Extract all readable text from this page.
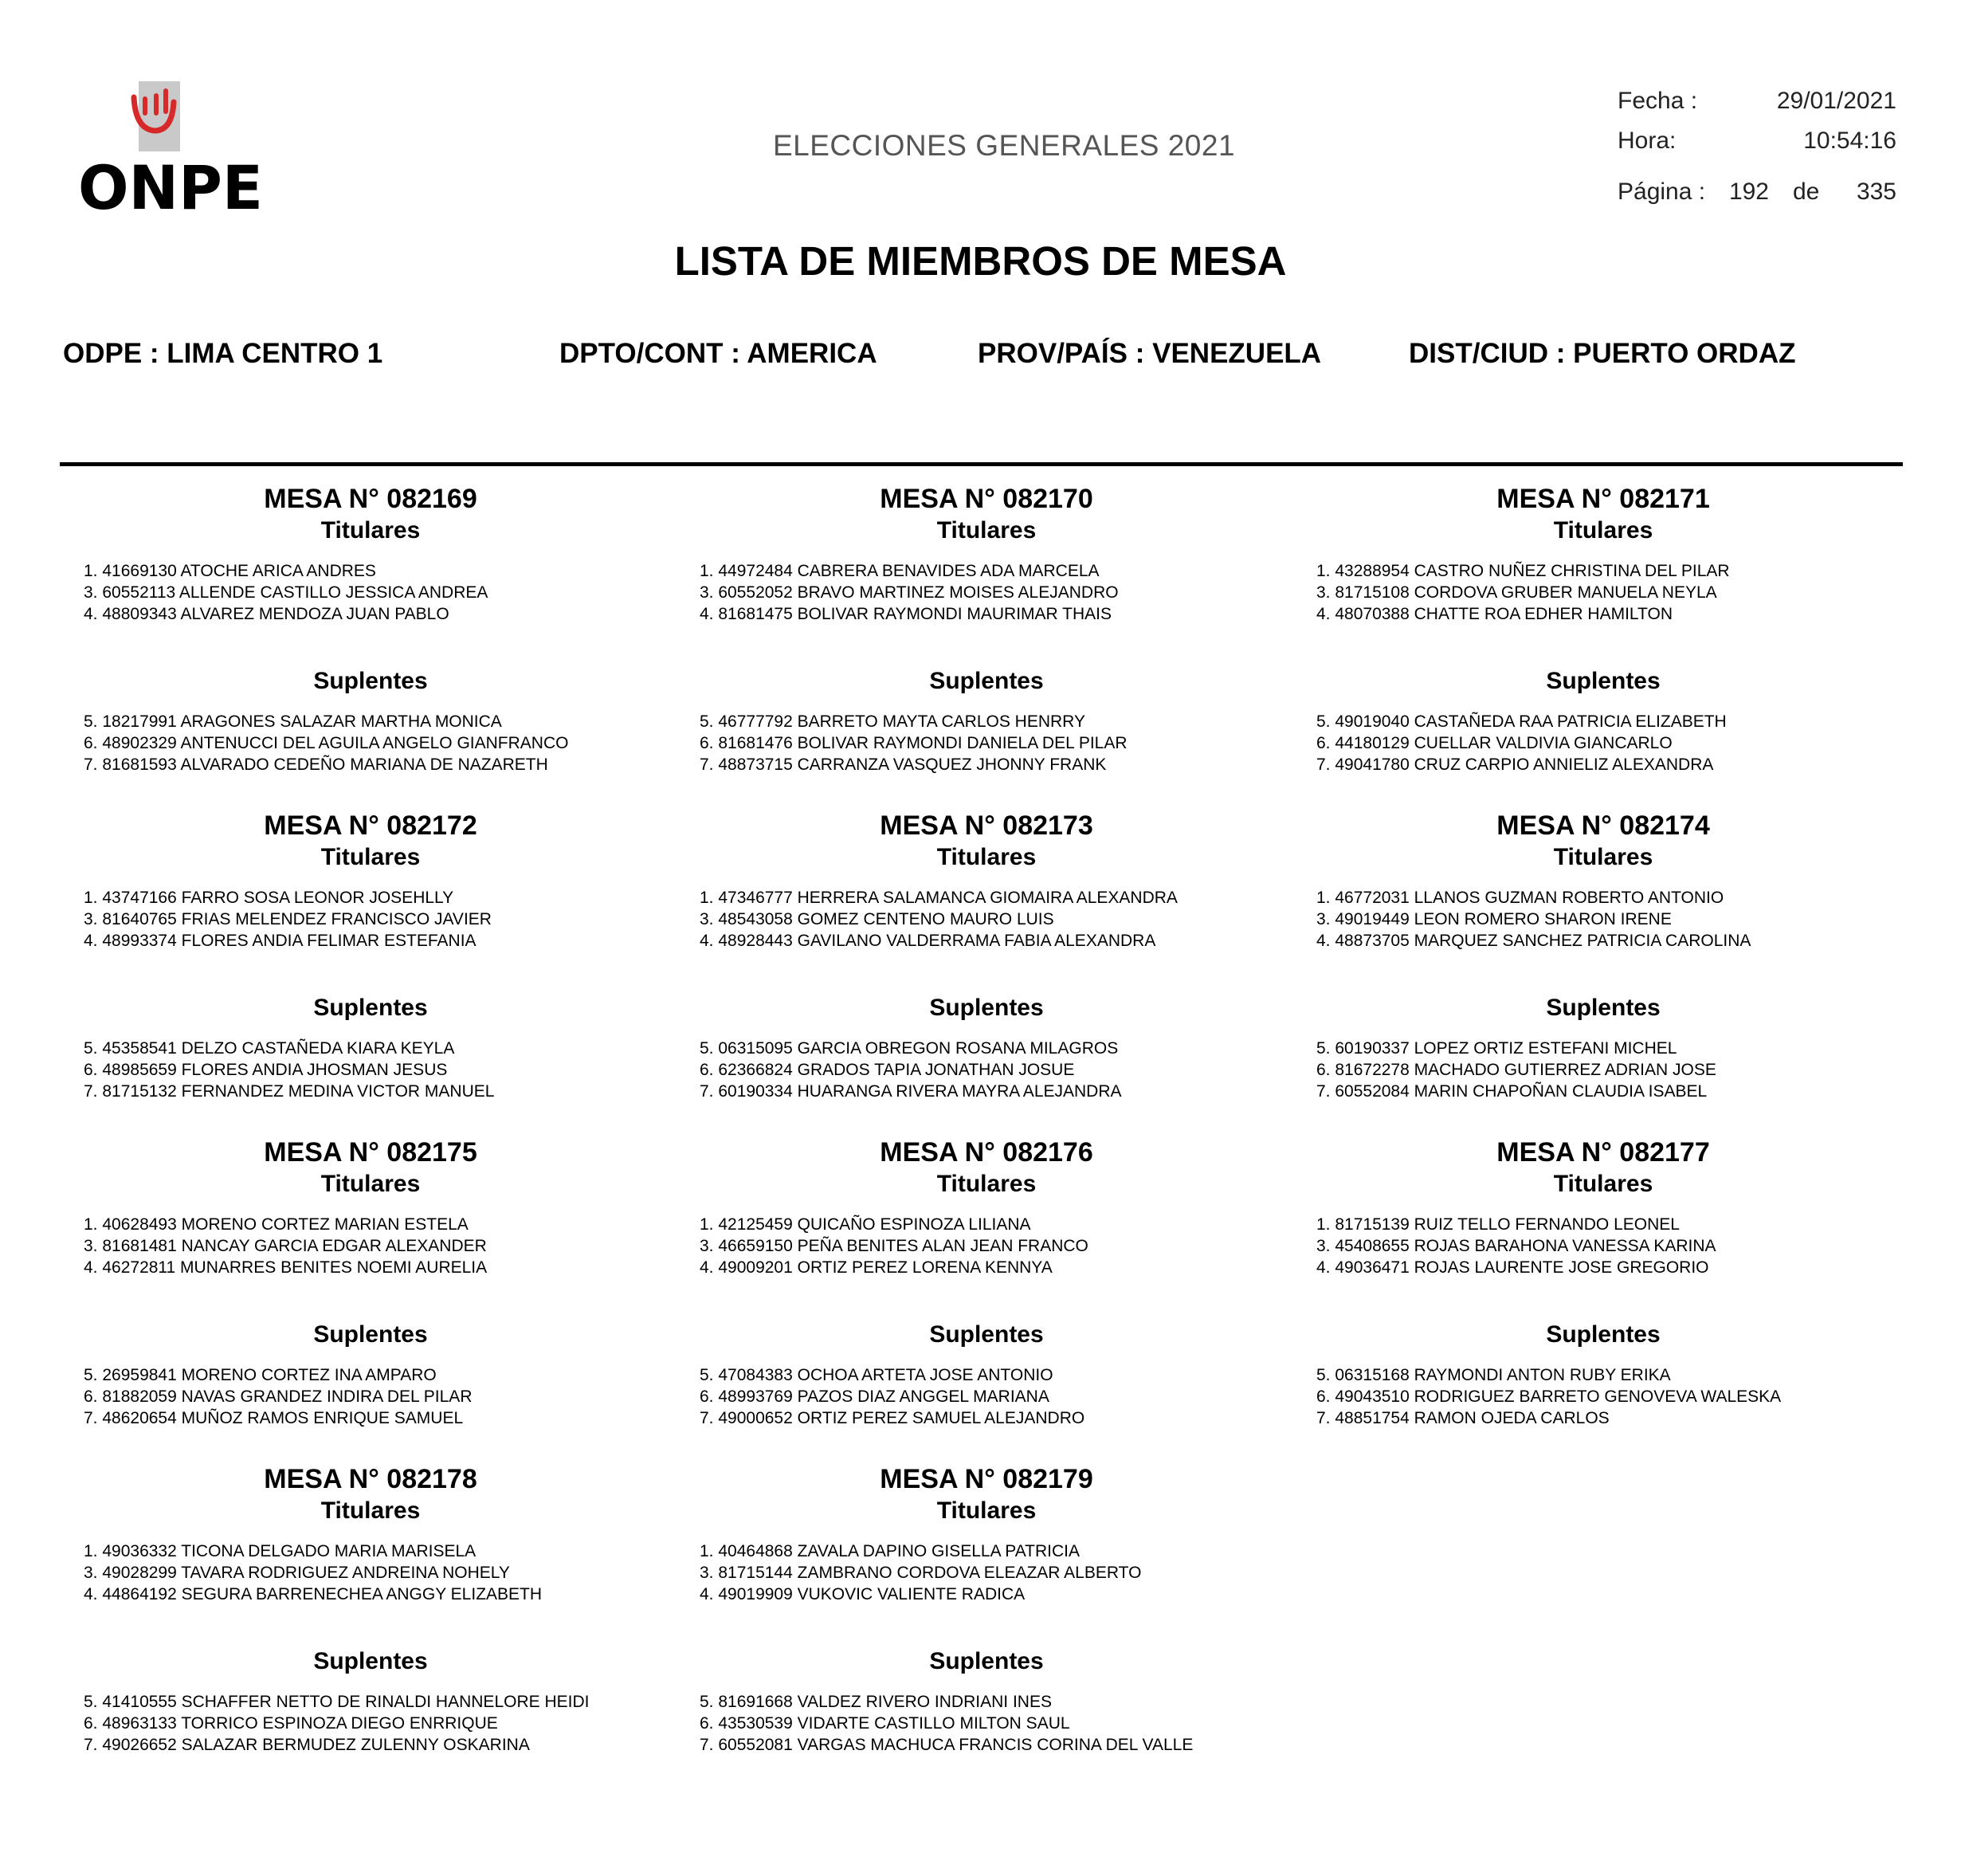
ONPE
ELECCIONES GENERALES 2021
Fecha :	29/01/2021
Hora:	10:54:16
Página : 192 de	335
LISTA DE MIEMBROS DE MESA
ODPE : LIMA CENTRO 1	DPTO/CONT : AMERICA	PROV/PAÍS : VENEZUELA	DIST/CIUD : PUERTO ORDAZ
MESA N° 082169
Titulares
1. 41669130 ATOCHE ARICA ANDRES
3. 60552113 ALLENDE CASTILLO JESSICA ANDREA
4. 48809343 ALVAREZ MENDOZA JUAN PABLO
Suplentes
5. 18217991 ARAGONES SALAZAR MARTHA MONICA
6. 48902329 ANTENUCCI DEL AGUILA ANGELO GIANFRANCO
7. 81681593 ALVARADO CEDEÑO MARIANA DE NAZARETH
MESA N° 082170
Titulares
1. 44972484 CABRERA BENAVIDES ADA MARCELA
3. 60552052 BRAVO MARTINEZ MOISES ALEJANDRO
4. 81681475 BOLIVAR RAYMONDI MAURIMAR THAIS
Suplentes
5. 46777792 BARRETO MAYTA CARLOS HENRRY
6. 81681476 BOLIVAR RAYMONDI DANIELA DEL PILAR
7. 48873715 CARRANZA VASQUEZ JHONNY FRANK
MESA N° 082171
Titulares
1. 43288954 CASTRO NUÑEZ CHRISTINA DEL PILAR
3. 81715108 CORDOVA GRUBER MANUELA NEYLA
4. 48070388 CHATTE ROA EDHER HAMILTON
Suplentes
5. 49019040 CASTAÑEDA RAA PATRICIA ELIZABETH
6. 44180129 CUELLAR VALDIVIA GIANCARLO
7. 49041780 CRUZ CARPIO ANNIELIZ ALEXANDRA
MESA N° 082172
Titulares
1. 43747166 FARRO SOSA LEONOR JOSEHLLY
3. 81640765 FRIAS MELENDEZ FRANCISCO JAVIER
4. 48993374 FLORES ANDIA FELIMAR ESTEFANIA
Suplentes
5. 45358541 DELZO CASTAÑEDA KIARA KEYLA
6. 48985659 FLORES ANDIA JHOSMAN JESUS
7. 81715132 FERNANDEZ MEDINA VICTOR MANUEL
MESA N° 082173
Titulares
1. 47346777 HERRERA SALAMANCA GIOMAIRA ALEXANDRA
3. 48543058 GOMEZ CENTENO MAURO LUIS
4. 48928443 GAVILANO VALDERRAMA FABIA ALEXANDRA
Suplentes
5. 06315095 GARCIA OBREGON ROSANA MILAGROS
6. 62366824 GRADOS TAPIA JONATHAN JOSUE
7. 60190334 HUARANGA RIVERA MAYRA ALEJANDRA
MESA N° 082174
Titulares
1. 46772031 LLANOS GUZMAN ROBERTO ANTONIO
3. 49019449 LEON ROMERO SHARON IRENE
4. 48873705 MARQUEZ SANCHEZ PATRICIA CAROLINA
Suplentes
5. 60190337 LOPEZ ORTIZ ESTEFANI MICHEL
6. 81672278 MACHADO GUTIERREZ ADRIAN JOSE
7. 60552084 MARIN CHAPOÑAN CLAUDIA ISABEL
MESA N° 082175
Titulares
1. 40628493 MORENO CORTEZ MARIAN ESTELA
3. 81681481 NANCAY GARCIA EDGAR ALEXANDER
4. 46272811 MUNARRES BENITES NOEMI AURELIA
Suplentes
5. 26959841 MORENO CORTEZ INA AMPARO
6. 81882059 NAVAS GRANDEZ INDIRA DEL PILAR
7. 48620654 MUÑOZ RAMOS ENRIQUE SAMUEL
MESA N° 082176
Titulares
1. 42125459 QUICAÑO ESPINOZA LILIANA
3. 46659150 PEÑA BENITES ALAN JEAN FRANCO
4. 49009201 ORTIZ PEREZ LORENA KENNYA
Suplentes
5. 47084383 OCHOA ARTETA JOSE ANTONIO
6. 48993769 PAZOS DIAZ ANGGEL MARIANA
7. 49000652 ORTIZ PEREZ SAMUEL ALEJANDRO
MESA N° 082177
Titulares
1. 81715139 RUIZ TELLO FERNANDO LEONEL
3. 45408655 ROJAS BARAHONA VANESSA KARINA
4. 49036471 ROJAS LAURENTE JOSE GREGORIO
Suplentes
5. 06315168 RAYMONDI ANTON RUBY ERIKA
6. 49043510 RODRIGUEZ BARRETO GENOVEVA WALESKA
7. 48851754 RAMON OJEDA CARLOS
MESA N° 082178
Titulares
1. 49036332 TICONA DELGADO MARIA MARISELA
3. 49028299 TAVARA RODRIGUEZ ANDREINA NOHELY
4. 44864192 SEGURA BARRENECHEA ANGGY ELIZABETH
Suplentes
5. 41410555 SCHAFFER NETTO DE RINALDI HANNELORE HEIDI
6. 48963133 TORRICO ESPINOZA DIEGO ENRRIQUE
7. 49026652 SALAZAR BERMUDEZ ZULENNY OSKARINA
MESA N° 082179
Titulares
1. 40464868 ZAVALA DAPINO GISELLA PATRICIA
3. 81715144 ZAMBRANO CORDOVA ELEAZAR ALBERTO
4. 49019909 VUKOVIC VALIENTE RADICA
Suplentes
5. 81691668 VALDEZ RIVERO INDRIANI INES
6. 43530539 VIDARTE CASTILLO MILTON SAUL
7. 60552081 VARGAS MACHUCA FRANCIS CORINA DEL VALLE
